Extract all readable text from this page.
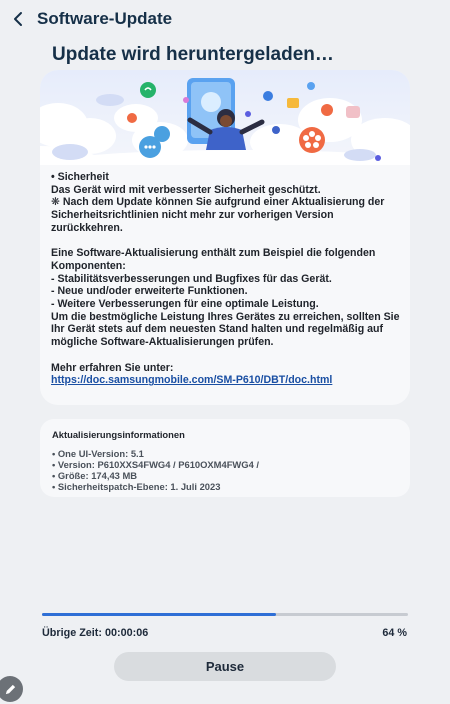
Software-Update
Update wird heruntergeladen…
• Sicherheit
Das Gerät wird mit verbesserter Sicherheit geschützt.
❋ Nach dem Update können Sie aufgrund einer Aktualisierung der Sicherheitsrichtlinien nicht mehr zur vorherigen Version zurückkehren.
Eine Software-Aktualisierung enthält zum Beispiel die folgenden Komponenten:
- Stabilitätsverbesserungen und Bugfixes für das Gerät.
- Neue und/oder erweiterte Funktionen.
- Weitere Verbesserungen für eine optimale Leistung.
Um die bestmögliche Leistung Ihres Gerätes zu erreichen, sollten Sie Ihr Gerät stets auf dem neuesten Stand halten und regelmäßig auf mögliche Software-Aktualisierungen prüfen.
Mehr erfahren Sie unter:
https://doc.samsungmobile.com/SM-P610/DBT/doc.html
Aktualisierungsinformationen
• One UI-Version: 5.1
• Version: P610XXS4FWG4 / P610OXM4FWG4 /
• Größe: 174,43 MB
• Sicherheitspatch-Ebene: 1. Juli 2023
Übrige Zeit: 00:00:06	64 %
Pause
